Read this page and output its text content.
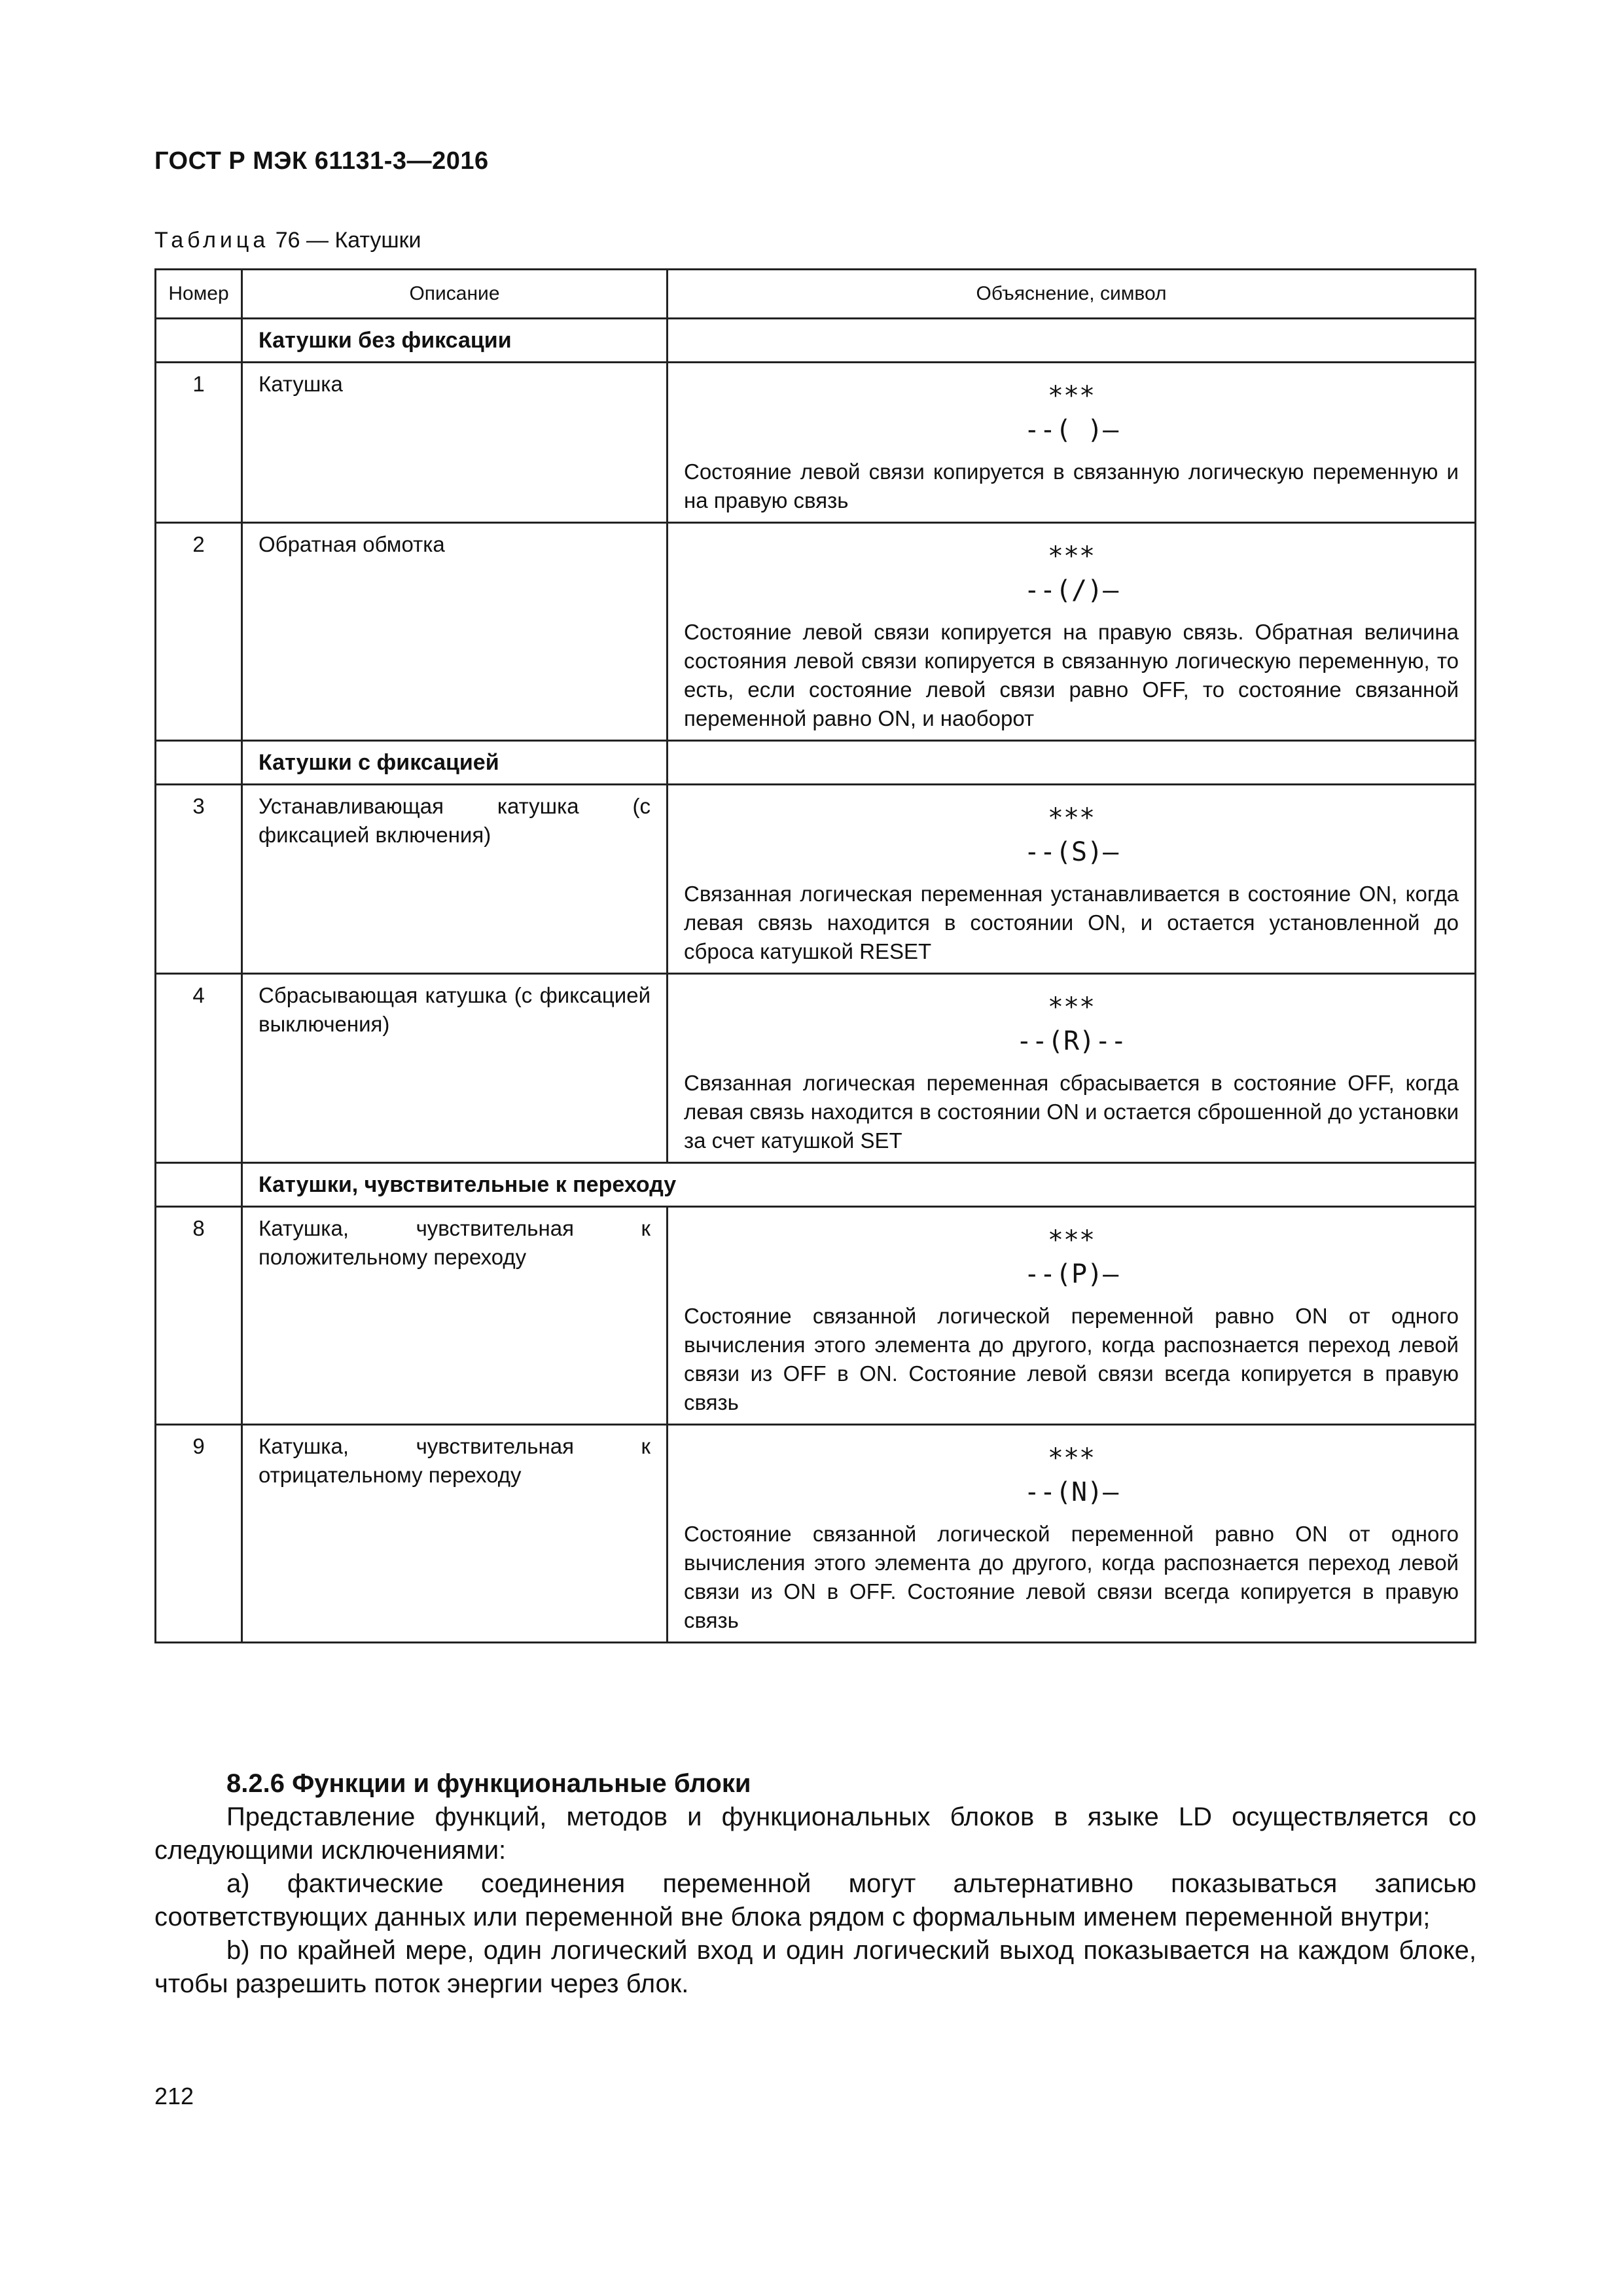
ГОСТ Р МЭК 61131-3—2016
Таблица 76 — Катушки
Номер	Описание	Объяснение, символ
	Катушки без фиксации	
1	Катушка	***
--( )—
Состояние левой связи копируется в связанную логическую переменную и на правую связь

2	Обратная обмотка	***
--(/)—
Состояние левой связи копируется на правую связь. Обратная величина состояния левой связи копируется в связанную логическую переменную, то есть, если состояние левой связи равно OFF, то состояние связанной переменной равно ON, и наоборот

	Катушки с фиксацией	
3	Устанавливающая катушка (с фиксацией включения)	***
--(S)—
Связанная логическая переменная устанавливается в состояние ON, когда левая связь находится в состоянии ON, и остается установленной до сброса катушкой RESET

4	Сбрасывающая катушка (с фиксацией выключения)	***
--(R)--
Связанная логическая переменная сбрасывается в состояние OFF, когда левая связь находится в состоянии ON и остается сброшенной до установки за счет катушкой SET

	Катушки, чувствительные к переходу	
8	Катушка, чувствительная к положительному переходу	***
--(P)—
Состояние связанной логической переменной равно ON от одного вычисления этого элемента до другого, когда распознается переход левой связи из OFF в ON. Состояние левой связи всегда копируется в правую связь

9	Катушка, чувствительная к отрицательному переходу	***
--(N)—
Состояние связанной логической переменной равно ON от одного вычисления этого элемента до другого, когда распознается переход левой связи из ON в OFF. Состояние левой связи всегда копируется в правую связь

8.2.6 Функции и функциональные блоки

Представление функций, методов и функциональных блоков в языке LD осуществляется со следующими исключениями:

a) фактические соединения переменной могут альтернативно показываться записью соответствующих данных или переменной вне блока рядом с формальным именем переменной внутри;

b) по крайней мере, один логический вход и один логический выход показывается на каждом блоке, чтобы разрешить поток энергии через блок.

212
